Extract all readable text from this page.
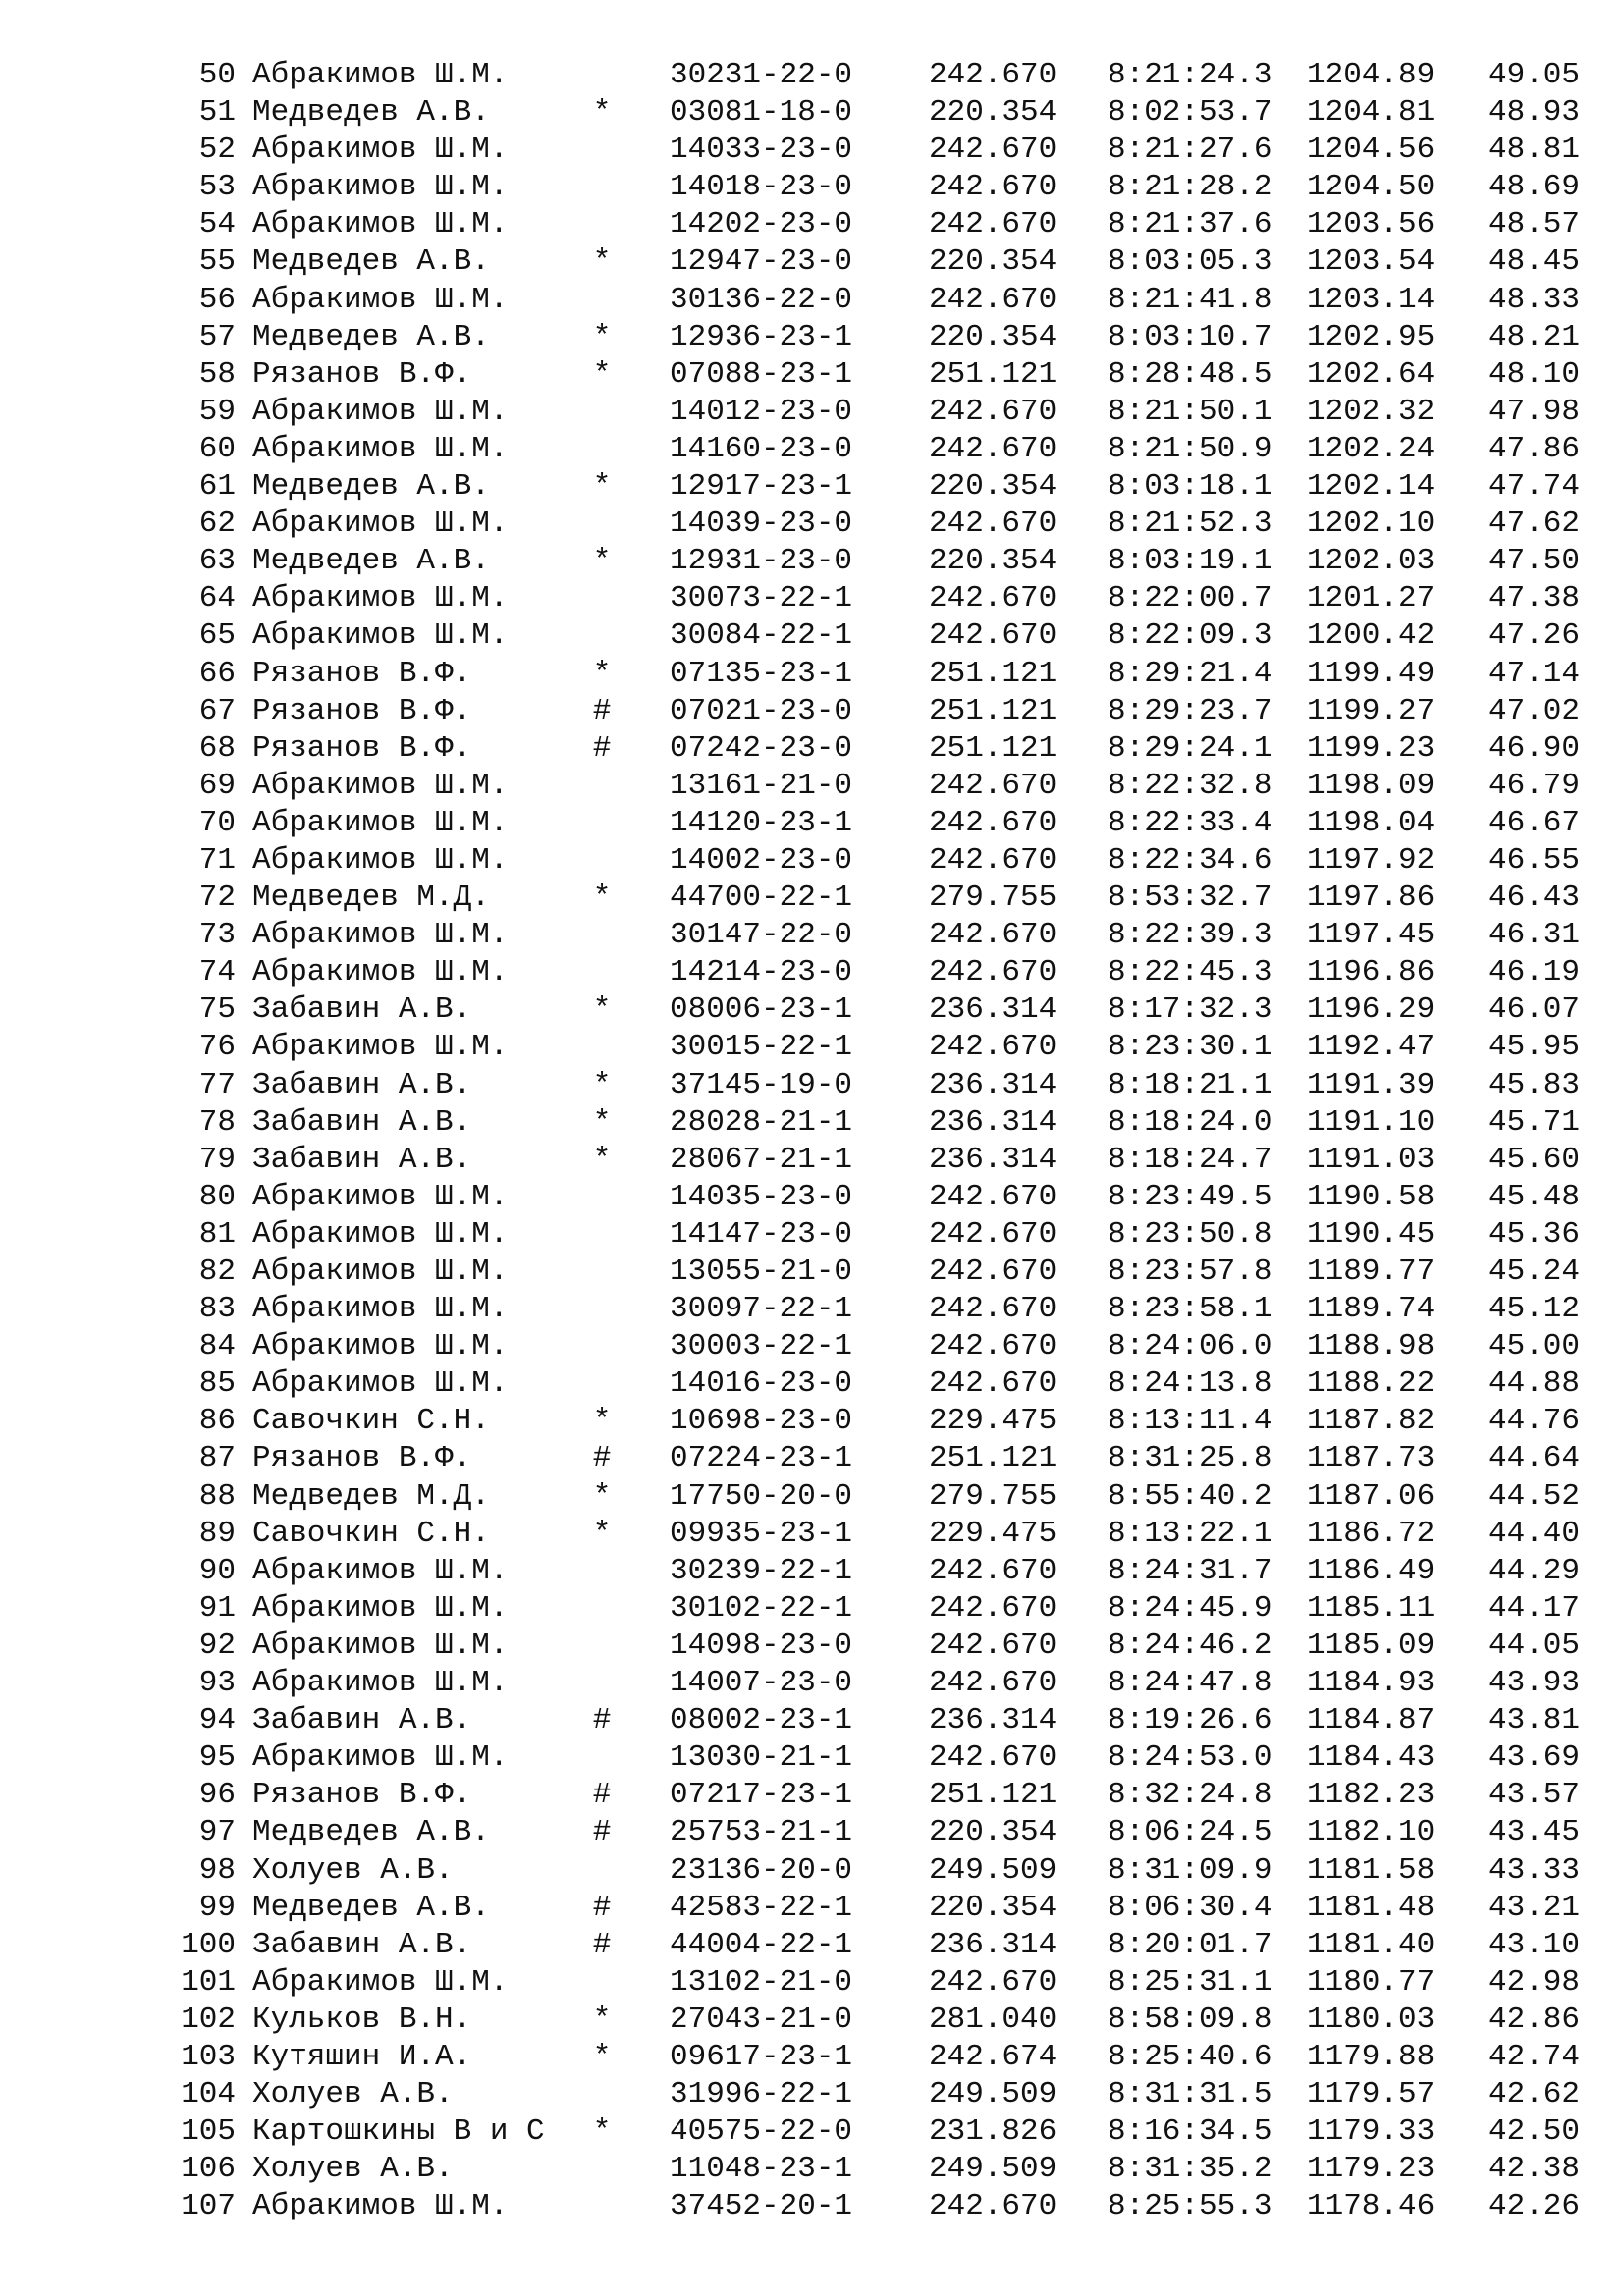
50 Абракимов Ш.М.	30231-22-0	242.670 8:21:24.3 1204.89 49.05
51 Медведев А.В.	* 03081-18-0	220.354 8:02:53.7 1204.81 48.93
52 Абракимов Ш.М.	14033-23-0	242.670 8:21:27.6 1204.56 48.81
53 Абракимов Ш.М.	14018-23-0	242.670 8:21:28.2 1204.50 48.69
54 Абракимов Ш.М.	14202-23-0	242.670 8:21:37.6 1203.56 48.57
55 Медведев А.В.	* 12947-23-0	220.354 8:03:05.3 1203.54 48.45
56 Абракимов Ш.М.	30136-22-0	242.670 8:21:41.8 1203.14 48.33
57 Медведев А.В.	* 12936-23-1	220.354 8:03:10.7 1202.95 48.21
58 Рязанов В.Ф.	* 07088-23-1	251.121 8:28:48.5 1202.64 48.10
59 Абракимов Ш.М.	14012-23-0	242.670 8:21:50.1 1202.32 47.98
60 Абракимов Ш.М.	14160-23-0	242.670 8:21:50.9 1202.24 47.86
61 Медведев А.В.	* 12917-23-1	220.354 8:03:18.1 1202.14 47.74
62 Абракимов Ш.М.	14039-23-0	242.670 8:21:52.3 1202.10 47.62
63 Медведев А.В.	* 12931-23-0	220.354 8:03:19.1 1202.03 47.50
64 Абракимов Ш.М.	30073-22-1	242.670 8:22:00.7 1201.27 47.38
65 Абракимов Ш.М.	30084-22-1	242.670 8:22:09.3 1200.42 47.26
66 Рязанов В.Ф.	* 07135-23-1	251.121 8:29:21.4 1199.49 47.14
67 Рязанов В.Ф.	# 07021-23-0	251.121 8:29:23.7 1199.27 47.02
68 Рязанов В.Ф.	# 07242-23-0	251.121 8:29:24.1 1199.23 46.90
69 Абракимов Ш.М.	13161-21-0	242.670 8:22:32.8 1198.09 46.79
70 Абракимов Ш.М.	14120-23-1	242.670 8:22:33.4 1198.04 46.67
71 Абракимов Ш.М.	14002-23-0	242.670 8:22:34.6 1197.92 46.55
72 Медведев М.Д.	* 44700-22-1	279.755 8:53:32.7 1197.86 46.43
73 Абракимов Ш.М.	30147-22-0	242.670 8:22:39.3 1197.45 46.31
74 Абракимов Ш.М.	14214-23-0	242.670 8:22:45.3 1196.86 46.19
75 Забавин А.В.	* 08006-23-1	236.314 8:17:32.3 1196.29 46.07
76 Абракимов Ш.М.	30015-22-1	242.670 8:23:30.1 1192.47 45.95
77 Забавин А.В.	* 37145-19-0	236.314 8:18:21.1 1191.39 45.83
78 Забавин А.В.	* 28028-21-1	236.314 8:18:24.0 1191.10 45.71
79 Забавин А.В.	* 28067-21-1	236.314 8:18:24.7 1191.03 45.60
80 Абракимов Ш.М.	14035-23-0	242.670 8:23:49.5 1190.58 45.48
81 Абракимов Ш.М.	14147-23-0	242.670 8:23:50.8 1190.45 45.36
82 Абракимов Ш.М.	13055-21-0	242.670 8:23:57.8 1189.77 45.24
83 Абракимов Ш.М.	30097-22-1	242.670 8:23:58.1 1189.74 45.12
84 Абракимов Ш.М.	30003-22-1	242.670 8:24:06.0 1188.98 45.00
85 Абракимов Ш.М.	14016-23-0	242.670 8:24:13.8 1188.22 44.88
86 Савочкин С.Н.	* 10698-23-0	229.475 8:13:11.4 1187.82 44.76
87 Рязанов В.Ф.	# 07224-23-1	251.121 8:31:25.8 1187.73 44.64
88 Медведев М.Д.	* 17750-20-0	279.755 8:55:40.2 1187.06 44.52
89 Савочкин С.Н.	* 09935-23-1	229.475 8:13:22.1 1186.72 44.40
90 Абракимов Ш.М.	30239-22-1	242.670 8:24:31.7 1186.49 44.29
91 Абракимов Ш.М.	30102-22-1	242.670 8:24:45.9 1185.11 44.17
92 Абракимов Ш.М.	14098-23-0	242.670 8:24:46.2 1185.09 44.05
93 Абракимов Ш.М.	14007-23-0	242.670 8:24:47.8 1184.93 43.93
94 Забавин А.В.	# 08002-23-1	236.314 8:19:26.6 1184.87 43.81
95 Абракимов Ш.М.	13030-21-1	242.670 8:24:53.0 1184.43 43.69
96 Рязанов В.Ф.	# 07217-23-1	251.121 8:32:24.8 1182.23 43.57
97 Медведев А.В.	# 25753-21-1	220.354 8:06:24.5 1182.10 43.45
98 Холуев А.В.	23136-20-0	249.509 8:31:09.9 1181.58 43.33
99 Медведев А.В.	# 42583-22-1	220.354 8:06:30.4 1181.48 43.21
100 Забавин А.В.	# 44004-22-1	236.314 8:20:01.7 1181.40 43.10
101 Абракимов Ш.М.	13102-21-0	242.670 8:25:31.1 1180.77 42.98
102 Кульков В.Н.	* 27043-21-0	281.040 8:58:09.8 1180.03 42.86
103 Кутяшин И.А.	* 09617-23-1	242.674 8:25:40.6 1179.88 42.74
104 Холуев А.В.	31996-22-1	249.509 8:31:31.5 1179.57 42.62
105 Картошкины В и С * 40575-22-0	231.826 8:16:34.5 1179.33 42.50
106 Холуев А.В.	11048-23-1	249.509 8:31:35.2 1179.23 42.38
107 Абракимов Ш.М.	37452-20-1	242.670 8:25:55.3 1178.46 42.26
